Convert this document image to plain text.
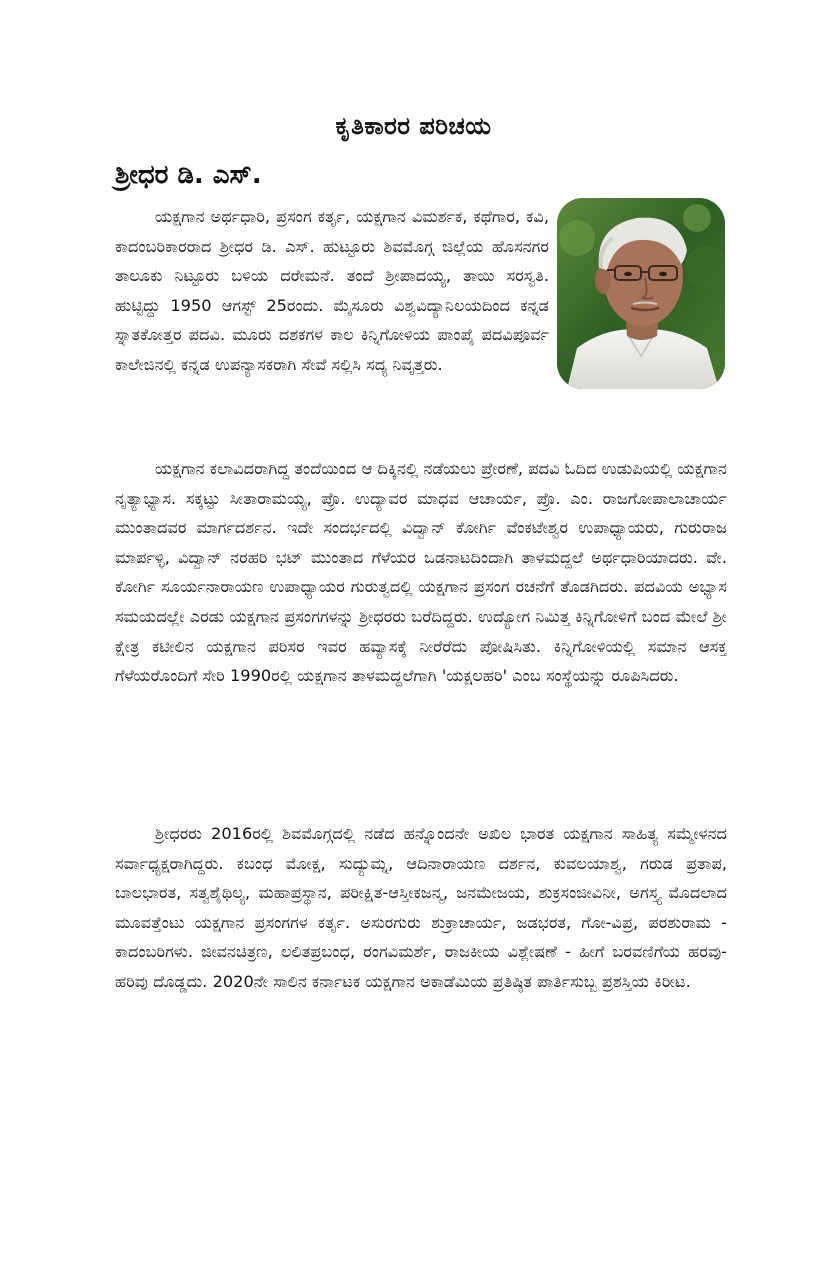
ಕೃತಿಕಾರರ ಪರಿಚಯ
ಶ್ರೀಧರ ಡಿ. ಎಸ್.

ಯಕ್ಷಗಾನ ಅರ್ಥಧಾರಿ, ಪ್ರಸಂಗ ಕರ್ತೃ, ಯಕ್ಷಗಾನ ವಿಮರ್ಶಕ, ಕಥೆಗಾರ, ಕವಿ, ಕಾದಂಬರಿಕಾರರಾದ ಶ್ರೀಧರ ಡಿ. ಎಸ್. ಹುಟ್ಟೂರು ಶಿವಮೊಗ್ಗ ಜಿಲ್ಲೆಯ ಹೊಸನಗರ ತಾಲೂಕು ನಿಟ್ಟೂರು ಬಳಿಯ ದರೇಮನೆ. ತಂದೆ ಶ್ರೀಪಾದಯ್ಯ, ತಾಯಿ ಸರಸ್ವತಿ. ಹುಟ್ಟಿದ್ದು 1950 ಆಗಸ್ಟ್ 25ರಂದು. ಮೈಸೂರು ವಿಶ್ವವಿದ್ಯಾನಿಲಯದಿಂದ ಕನ್ನಡ ಸ್ನಾತಕೋತ್ತರ ಪದವಿ. ಮೂರು ದಶಕಗಳ ಕಾಲ ಕಿನ್ನಿಗೋಳಿಯ ಪಾಂಪೈ ಪದವಿಪೂರ್ವ ಕಾಲೇಜಿನಲ್ಲಿ ಕನ್ನಡ ಉಪನ್ಯಾಸಕರಾಗಿ ಸೇವೆ ಸಲ್ಲಿಸಿ ಸದ್ಯ ನಿವೃತ್ತರು.

ಯಕ್ಷಗಾನ ಕಲಾವಿದರಾಗಿದ್ದ ತಂದೆಯಿಂದ ಆ ದಿಕ್ಕಿನಲ್ಲಿ ನಡೆಯಲು ಪ್ರೇರಣೆ, ಪದವಿ ಓದಿದ ಉಡುಪಿಯಲ್ಲಿ ಯಕ್ಷಗಾನ ನೃತ್ಯಾಭ್ಯಾಸ. ಸಕ್ಕಟ್ಟು ಸೀತಾರಾಮಯ್ಯ, ಪ್ರೊ. ಉದ್ಯಾವರ ಮಾಧವ ಆಚಾರ್ಯ, ಪ್ರೊ. ಎಂ. ರಾಜಗೋಪಾಲಾಚಾರ್ಯ ಮುಂತಾದವರ ಮಾರ್ಗದರ್ಶನ. ಇದೇ ಸಂದರ್ಭದಲ್ಲಿ ವಿದ್ವಾನ್ ಕೋರ್ಗಿ ವೆಂಕಟೇಶ್ವರ ಉಪಾಧ್ಯಾಯರು, ಗುರುರಾಜ ಮಾರ್ಪಳ್ಳಿ, ವಿದ್ವಾನ್ ನರಹರಿ ಭಟ್ ಮುಂತಾದ ಗೆಳೆಯರ ಒಡನಾಟದಿಂದಾಗಿ ತಾಳಮದ್ದಲೆ ಅರ್ಥಧಾರಿಯಾದರು. ವೇ. ಕೋರ್ಗಿ ಸೂರ್ಯನಾರಾಯಣ ಉಪಾಧ್ಯಾಯರ ಗುರುತ್ವದಲ್ಲಿ ಯಕ್ಷಗಾನ ಪ್ರಸಂಗ ರಚನೆಗೆ ತೊಡಗಿದರು. ಪದವಿಯ ಅಭ್ಯಾಸ ಸಮಯದಲ್ಲೇ ಎರಡು ಯಕ್ಷಗಾನ ಪ್ರಸಂಗಗಳನ್ನು ಶ್ರೀಧರರು ಬರೆದಿದ್ದರು. ಉದ್ಯೋಗ ನಿಮಿತ್ತ ಕಿನ್ನಿಗೋಳಿಗೆ ಬಂದ ಮೇಲೆ ಶ್ರೀ ಕ್ಷೇತ್ರ ಕಟೀಲಿನ ಯಕ್ಷಗಾನ ಪರಿಸರ ಇವರ ಹವ್ಯಾಸಕ್ಕೆ ನೀರೆರೆದು ಪೋಷಿಸಿತು. ಕಿನ್ನಿಗೋಳಿಯಲ್ಲಿ ಸಮಾನ ಆಸಕ್ತ ಗೆಳೆಯರೊಂದಿಗೆ ಸೇರಿ 1990ರಲ್ಲಿ ಯಕ್ಷಗಾನ ತಾಳಮದ್ದಲೆಗಾಗಿ 'ಯಕ್ಷಲಹರಿ' ಎಂಬ ಸಂಸ್ಥೆಯನ್ನು ರೂಪಿಸಿದರು.

ಶ್ರೀಧರರು 2016ರಲ್ಲಿ ಶಿವಮೊಗ್ಗದಲ್ಲಿ ನಡೆದ ಹನ್ನೊಂದನೇ ಅಖಿಲ ಭಾರತ ಯಕ್ಷಗಾನ ಸಾಹಿತ್ಯ ಸಮ್ಮೇಳನದ ಸರ್ವಾಧ್ಯಕ್ಷರಾಗಿದ್ದರು. ಕಬಂಧ ಮೋಕ್ಷ, ಸುದ್ಯುಮ್ನ, ಆದಿನಾರಾಯಣ ದರ್ಶನ, ಕುವಲಯಾಶ್ವ, ಗರುಡ ಪ್ರತಾಪ, ಬಾಲಭಾರತ, ಸತ್ವಶೈಥಿಲ್ಯ, ಮಹಾಪ್ರಸ್ಥಾನ, ಪರೀಕ್ಷಿತ-ಆಸ್ತೀಕಜನ್ಮ, ಜನಮೇಜಯ, ಶುಕ್ರಸಂಜೀವಿನೀ, ಅಗಸ್ತ್ಯ ಮೊದಲಾದ ಮೂವತ್ತೆಂಟು ಯಕ್ಷಗಾನ ಪ್ರಸಂಗಗಳ ಕರ್ತೃ. ಅಸುರಗುರು ಶುಕ್ರಾಚಾರ್ಯ, ಜಡಭರತ, ಗೋ-ವಿಪ್ರ, ಪರಶುರಾಮ - ಕಾದಂಬರಿಗಳು. ಜೀವನಚಿತ್ರಣ, ಲಲಿತಪ್ರಬಂಧ, ರಂಗವಿಮರ್ಶೆ, ರಾಜಕೀಯ ವಿಶ್ಲೇಷಣೆ - ಹೀಗೆ ಬರವಣಿಗೆಯ ಹರವು-ಹರಿವು ದೊಡ್ಡದು. 2020ನೇ ಸಾಲಿನ ಕರ್ನಾಟಕ ಯಕ್ಷಗಾನ ಅಕಾಡೆಮಿಯ ಪ್ರತಿಷ್ಠಿತ ಪಾರ್ತಿಸುಬ್ಬ ಪ್ರಶಸ್ತಿಯ ಕಿರೀಟ.
